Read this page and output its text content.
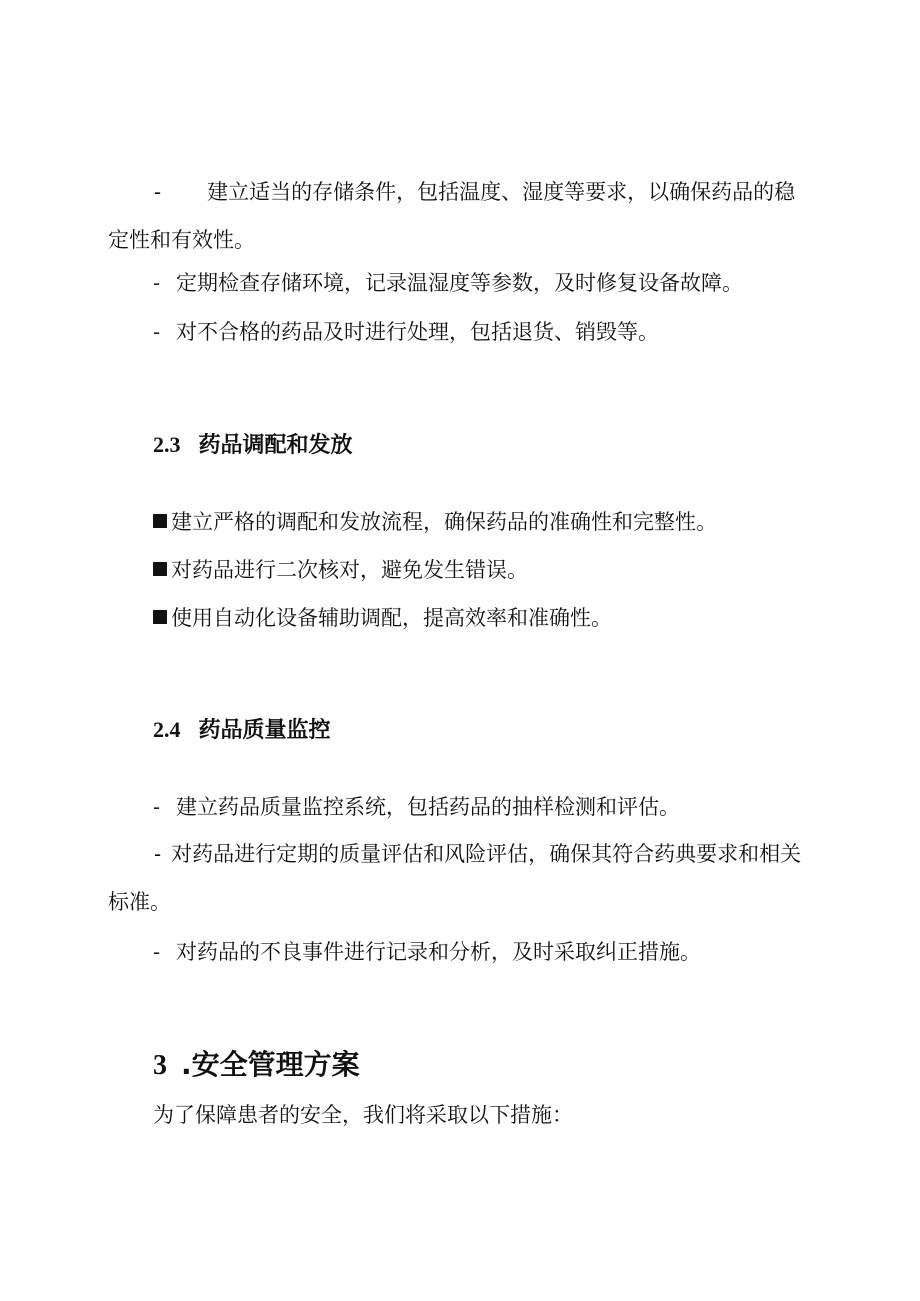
- 建立适当的存储条件，包括温度、湿度等要求，以确保药品的稳定性和有效性。

- 定期检查存储环境，记录温湿度等参数，及时修复设备故障。

- 对不合格的药品及时进行处理，包括退货、销毁等。

2.3 药品调配和发放

建立严格的调配和发放流程，确保药品的准确性和完整性。

对药品进行二次核对，避免发生错误。

使用自动化设备辅助调配，提高效率和准确性。

2.4 药品质量监控

- 建立药品质量监控系统，包括药品的抽样检测和评估。

- 对药品进行定期的质量评估和风险评估，确保其符合药典要求和相关标准。

- 对药品的不良事件进行记录和分析，及时采取纠正措施。

3 .安全管理方案

为了保障患者的安全，我们将采取以下措施：
